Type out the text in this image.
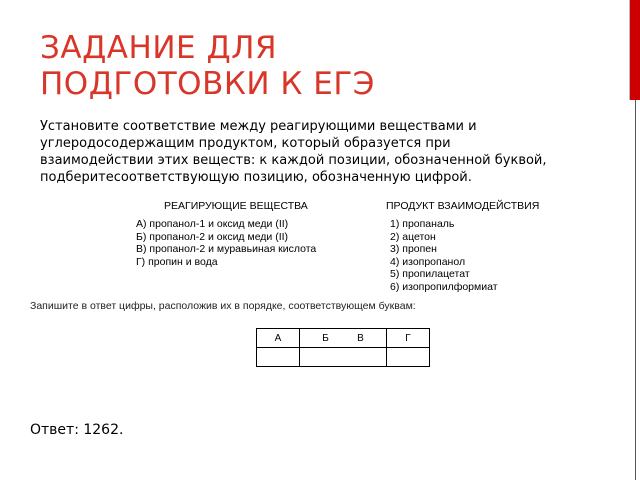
ЗАДАНИЕ ДЛЯ
ПОДГОТОВКИ К ЕГЭ
Установите соответствие между реагирующими веществами и
углеродосодержащим продуктом, который образуется при
взаимодействии этих веществ: к каждой позиции, обозначенной буквой,
подберитесоответствующую позицию, обозначенную цифрой.
РЕАГИРУЮЩИЕ ВЕЩЕСТВА	ПРОДУКТ ВЗАИМОДЕЙСТВИЯ
А) пропанол-1 и оксид меди (II)
Б) пропанол-2 и оксид меди (II)
В) пропанол-2 и муравьиная кислота
Г) пропин и вода
1) пропаналь
2) ацетон
3) пропен
4) изопропанол
5) пропилацетат
6) изопропилформиат
Запишите в ответ цифры, расположив их в порядке, соответствующем буквам:
А	Б В	Г

Ответ: 1262.
